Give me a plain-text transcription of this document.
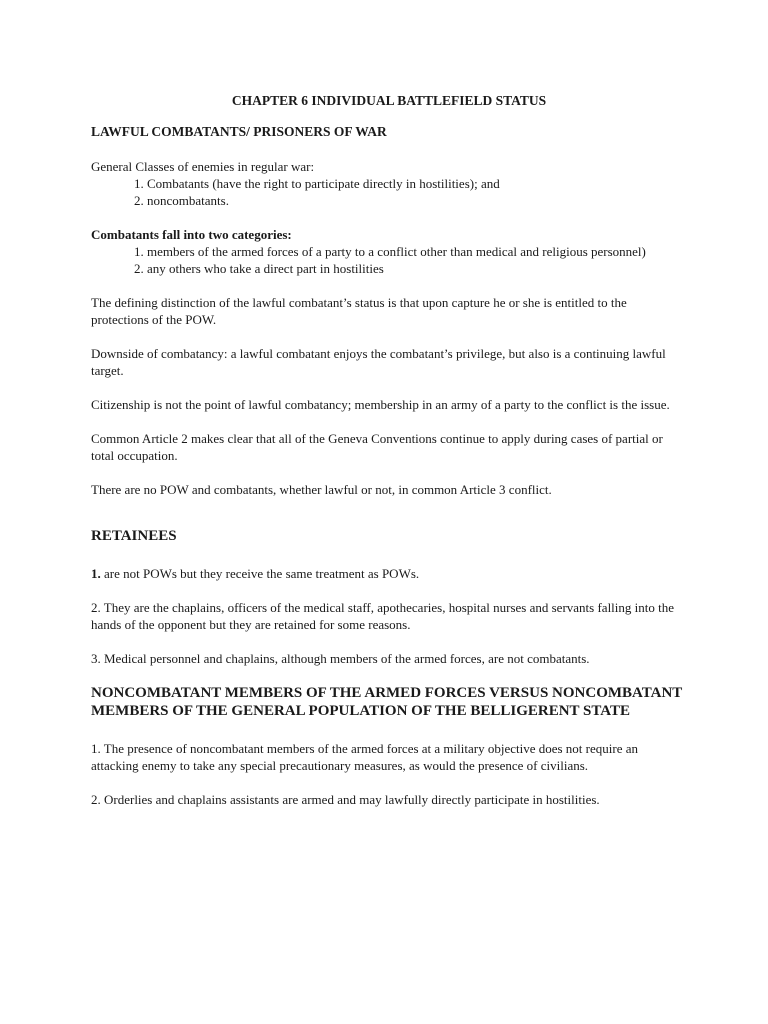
CHAPTER 6 INDIVIDUAL BATTLEFIELD STATUS
LAWFUL COMBATANTS/ PRISONERS OF WAR
General Classes of enemies in regular war:
1. Combatants (have the right to participate directly in hostilities); and
2. noncombatants.
Combatants fall into two categories:
1. members of the armed forces of a party to a conflict other than medical and religious personnel)
2. any others who take a direct part in hostilities

The defining distinction of the lawful combatant’s status is that upon capture he or she is entitled to the protections of the POW.

Downside of combatancy: a lawful combatant enjoys the combatant’s privilege, but also is a continuing lawful target.

Citizenship is not the point of lawful combatancy; membership in an army of a party to the conflict is the issue.

Common Article 2 makes clear that all of the Geneva Conventions continue to apply during cases of partial or total occupation.

There are no POW and combatants, whether lawful or not, in common Article 3 conflict.

RETAINEES

1. are not POWs but they receive the same treatment as POWs.

2. They are the chaplains, officers of the medical staff, apothecaries, hospital nurses and servants falling into the hands of the opponent but they are retained for some reasons.

3. Medical personnel and chaplains, although members of the armed forces, are not combatants.

NONCOMBATANT MEMBERS OF THE ARMED FORCES VERSUS NONCOMBATANT MEMBERS OF THE GENERAL POPULATION OF THE BELLIGERENT STATE

1. The presence of noncombatant members of the armed forces at a military objective does not require an attacking enemy to take any special precautionary measures, as would the presence of civilians.

2. Orderlies and chaplains assistants are armed and may lawfully directly participate in hostilities.
